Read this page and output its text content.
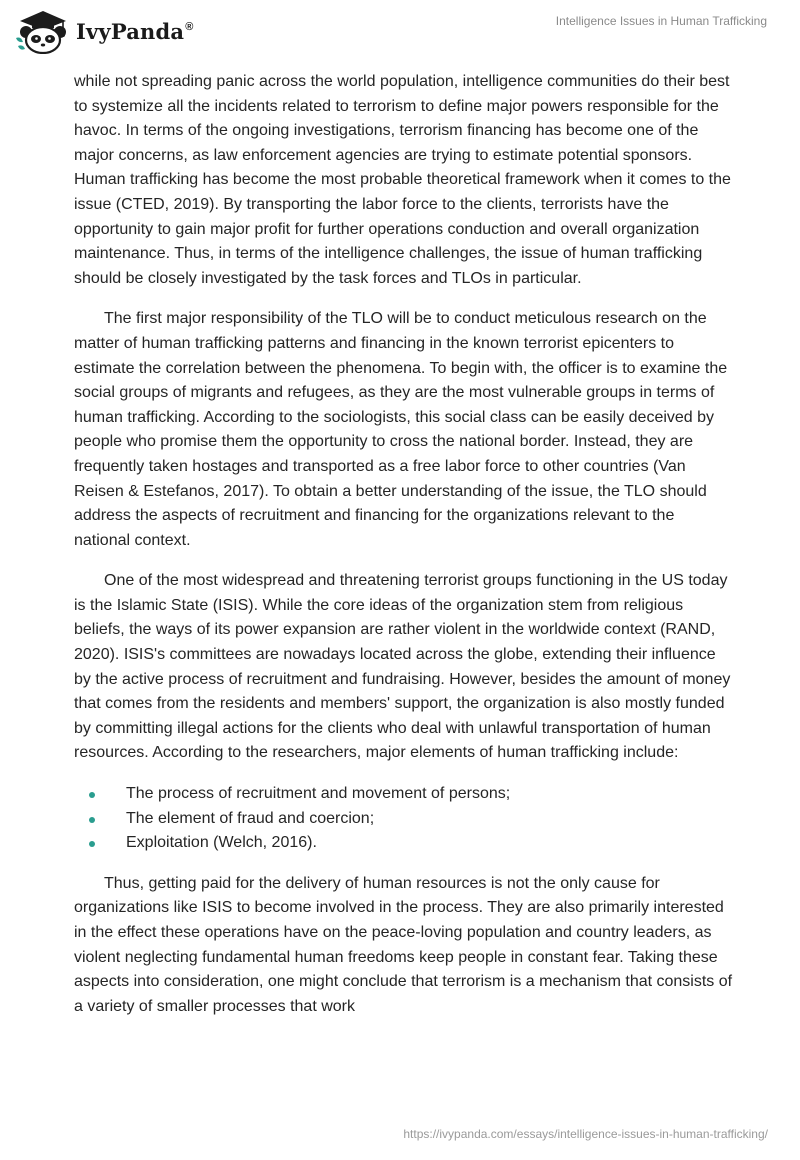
IvyPanda®	Intelligence Issues in Human Trafficking

while not spreading panic across the world population, intelligence communities do their best to systemize all the incidents related to terrorism to define major powers responsible for the havoc. In terms of the ongoing investigations, terrorism financing has become one of the major concerns, as law enforcement agencies are trying to estimate potential sponsors. Human trafficking has become the most probable theoretical framework when it comes to the issue (CTED, 2019). By transporting the labor force to the clients, terrorists have the opportunity to gain major profit for further operations conduction and overall organization maintenance. Thus, in terms of the intelligence challenges, the issue of human trafficking should be closely investigated by the task forces and TLOs in particular.

The first major responsibility of the TLO will be to conduct meticulous research on the matter of human trafficking patterns and financing in the known terrorist epicenters to estimate the correlation between the phenomena. To begin with, the officer is to examine the social groups of migrants and refugees, as they are the most vulnerable groups in terms of human trafficking. According to the sociologists, this social class can be easily deceived by people who promise them the opportunity to cross the national border. Instead, they are frequently taken hostages and transported as a free labor force to other countries (Van Reisen & Estefanos, 2017). To obtain a better understanding of the issue, the TLO should address the aspects of recruitment and financing for the organizations relevant to the national context.

One of the most widespread and threatening terrorist groups functioning in the US today is the Islamic State (ISIS). While the core ideas of the organization stem from religious beliefs, the ways of its power expansion are rather violent in the worldwide context (RAND, 2020). ISIS's committees are nowadays located across the globe, extending their influence by the active process of recruitment and fundraising. However, besides the amount of money that comes from the residents and members' support, the organization is also mostly funded by committing illegal actions for the clients who deal with unlawful transportation of human resources. According to the researchers, major elements of human trafficking include:

The process of recruitment and movement of persons;
The element of fraud and coercion;
Exploitation (Welch, 2016).

Thus, getting paid for the delivery of human resources is not the only cause for organizations like ISIS to become involved in the process. They are also primarily interested in the effect these operations have on the peace-loving population and country leaders, as violent neglecting fundamental human freedoms keep people in constant fear. Taking these aspects into consideration, one might conclude that terrorism is a mechanism that consists of a variety of smaller processes that work

https://ivypanda.com/essays/intelligence-issues-in-human-trafficking/
